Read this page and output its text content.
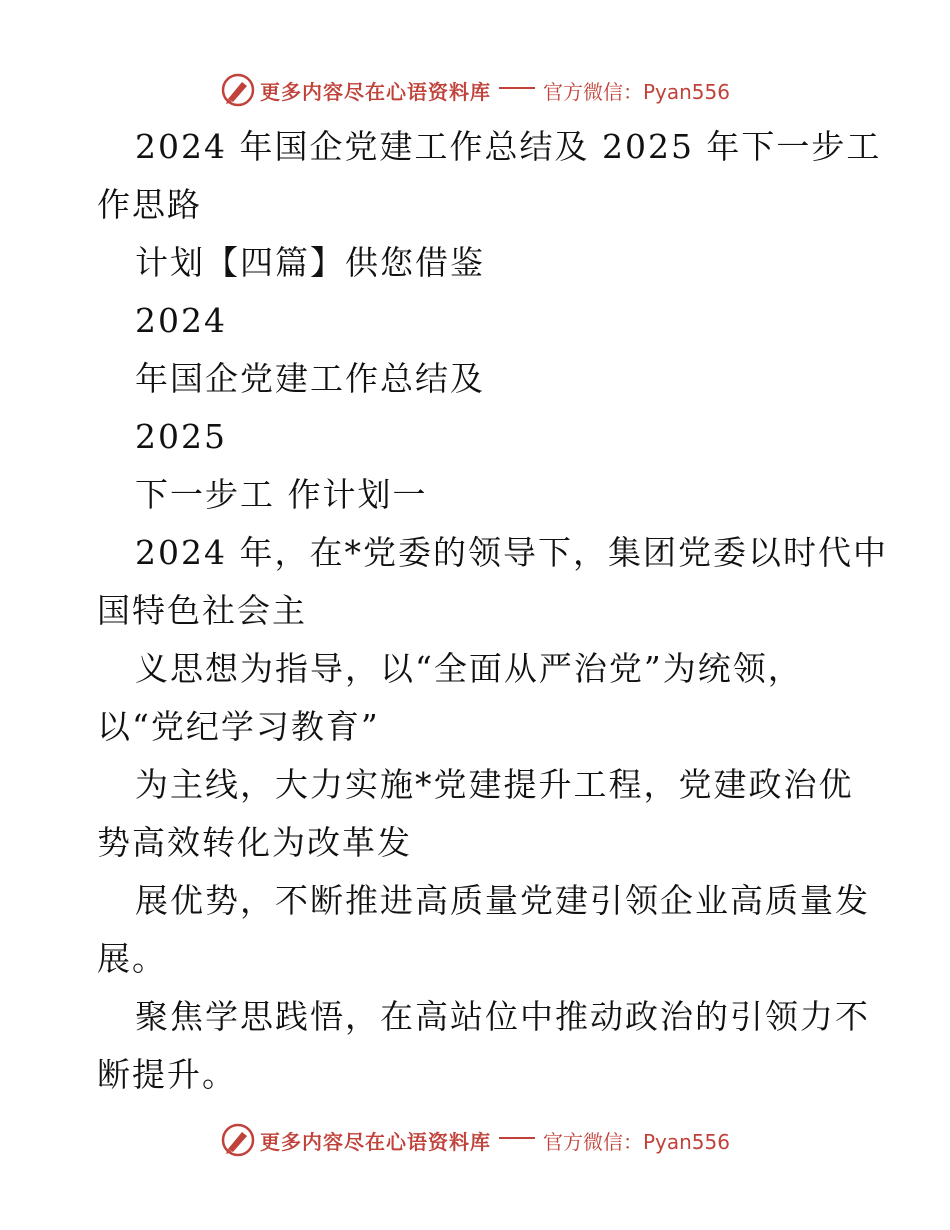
更多内容尽在心语资料库	官方微信：Pyan556
2024 年国企党建工作总结及 2025 年下一步工
作思路
计划【四篇】供您借鉴
2024
年国企党建工作总结及
2025
下一步工 作计划一
2024 年，在*党委的领导下，集团党委以时代中
国特色社会主
义思想为指导，以“全面从严治党”为统领，
以“党纪学习教育”
为主线，大力实施*党建提升工程，党建政治优
势高效转化为改革发
展优势，不断推进高质量党建引领企业高质量发
展。
聚焦学思践悟，在高站位中推动政治的引领力不
断提升。
更多内容尽在心语资料库	官方微信：Pyan556
